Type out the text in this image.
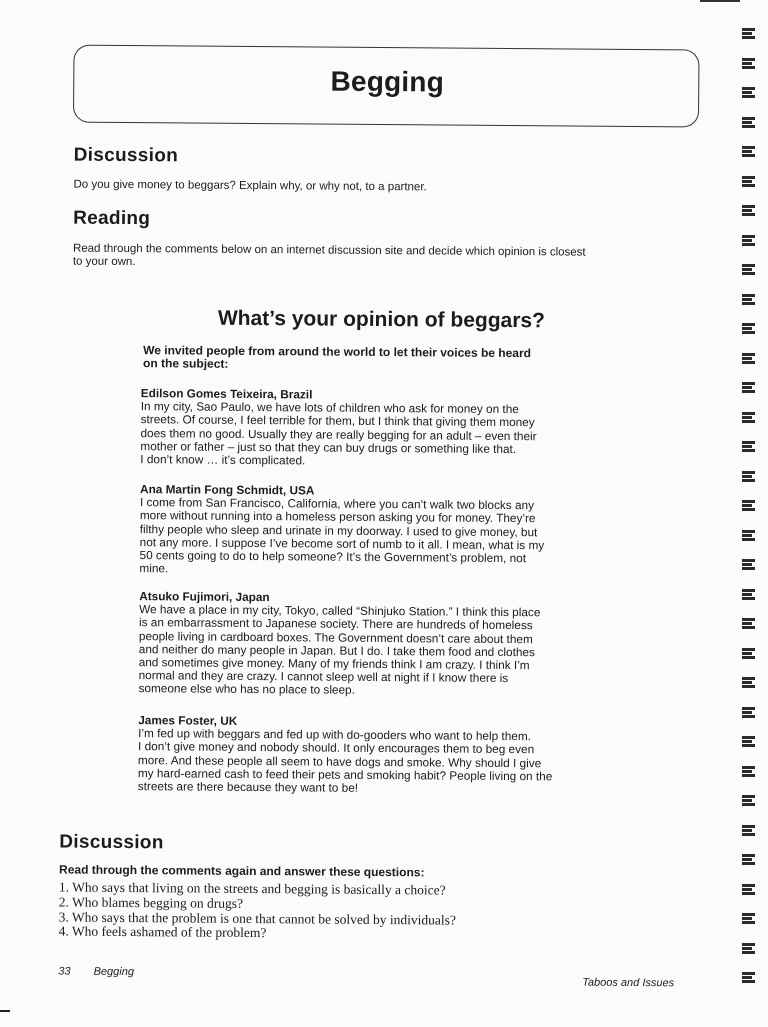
Begging
Discussion
Do you give money to beggars? Explain why, or why not, to a partner.
Reading
Read through the comments below on an internet discussion site and decide which opinion is closest
to your own.
What’s your opinion of beggars?
We invited people from around the world to let their voices be heard
on the subject:
Edilson Gomes Teixeira, Brazil
In my city, Sao Paulo, we have lots of children who ask for money on the
streets. Of course, I feel terrible for them, but I think that giving them money
does them no good. Usually they are really begging for an adult – even their
mother or father – just so that they can buy drugs or something like that.
I don’t know … it’s complicated.
Ana Martin Fong Schmidt, USA
I come from San Francisco, California, where you can’t walk two blocks any
more without running into a homeless person asking you for money. They’re
filthy people who sleep and urinate in my doorway. I used to give money, but
not any more. I suppose I’ve become sort of numb to it all. I mean, what is my
50 cents going to do to help someone? It’s the Government’s problem, not
mine.
Atsuko Fujimori, Japan
We have a place in my city, Tokyo, called “Shinjuko Station.” I think this place
is an embarrassment to Japanese society. There are hundreds of homeless
people living in cardboard boxes. The Government doesn’t care about them
and neither do many people in Japan. But I do. I take them food and clothes
and sometimes give money. Many of my friends think I am crazy. I think I’m
normal and they are crazy. I cannot sleep well at night if I know there is
someone else who has no place to sleep.
James Foster, UK
I’m fed up with beggars and fed up with do-gooders who want to help them.
I don’t give money and nobody should. It only encourages them to beg even
more. And these people all seem to have dogs and smoke. Why should I give
my hard-earned cash to feed their pets and smoking habit? People living on the
streets are there because they want to be!
Discussion
Read through the comments again and answer these questions:
1. Who says that living on the streets and begging is basically a choice?
2. Who blames begging on drugs?
3. Who says that the problem is one that cannot be solved by individuals?
4. Who feels ashamed of the problem?
33 Begging
Taboos and Issues
